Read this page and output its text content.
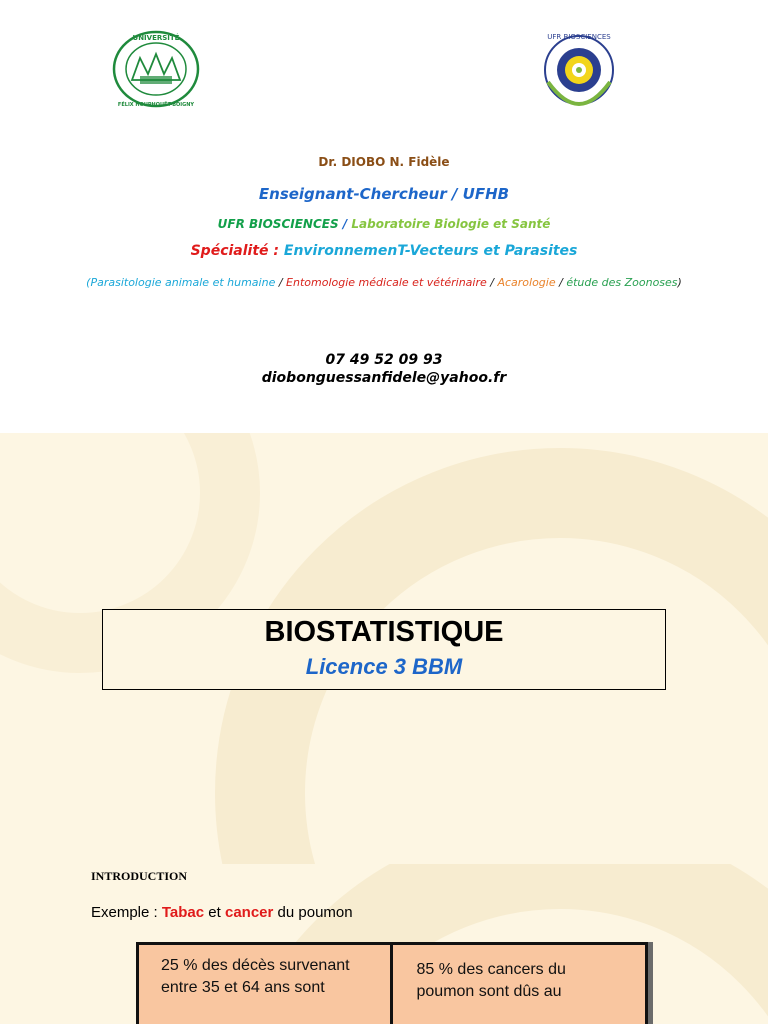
UNIVERSITÉ
FÉLIX HOUPHOUËT-BOIGNY
UFR BIOSCIENCES
Dr. DIOBO N. Fidèle
Enseignant-Chercheur / UFHB
UFR BIOSCIENCES / Laboratoire Biologie et Santé
Spécialité : EnvironnemenT-Vecteurs et Parasites
(Parasitologie animale et humaine / Entomologie médicale et vétérinaire / Acarologie / étude des Zoonoses)
07 49 52 09 93
diobonguessanfidele@yahoo.fr
BIOSTATISTIQUE
Licence 3 BBM
INTRODUCTION
Exemple : Tabac et cancer du poumon
25 % des décès survenant
entre 35 et 64 ans sont
85 % des cancers du
poumon sont dûs au
